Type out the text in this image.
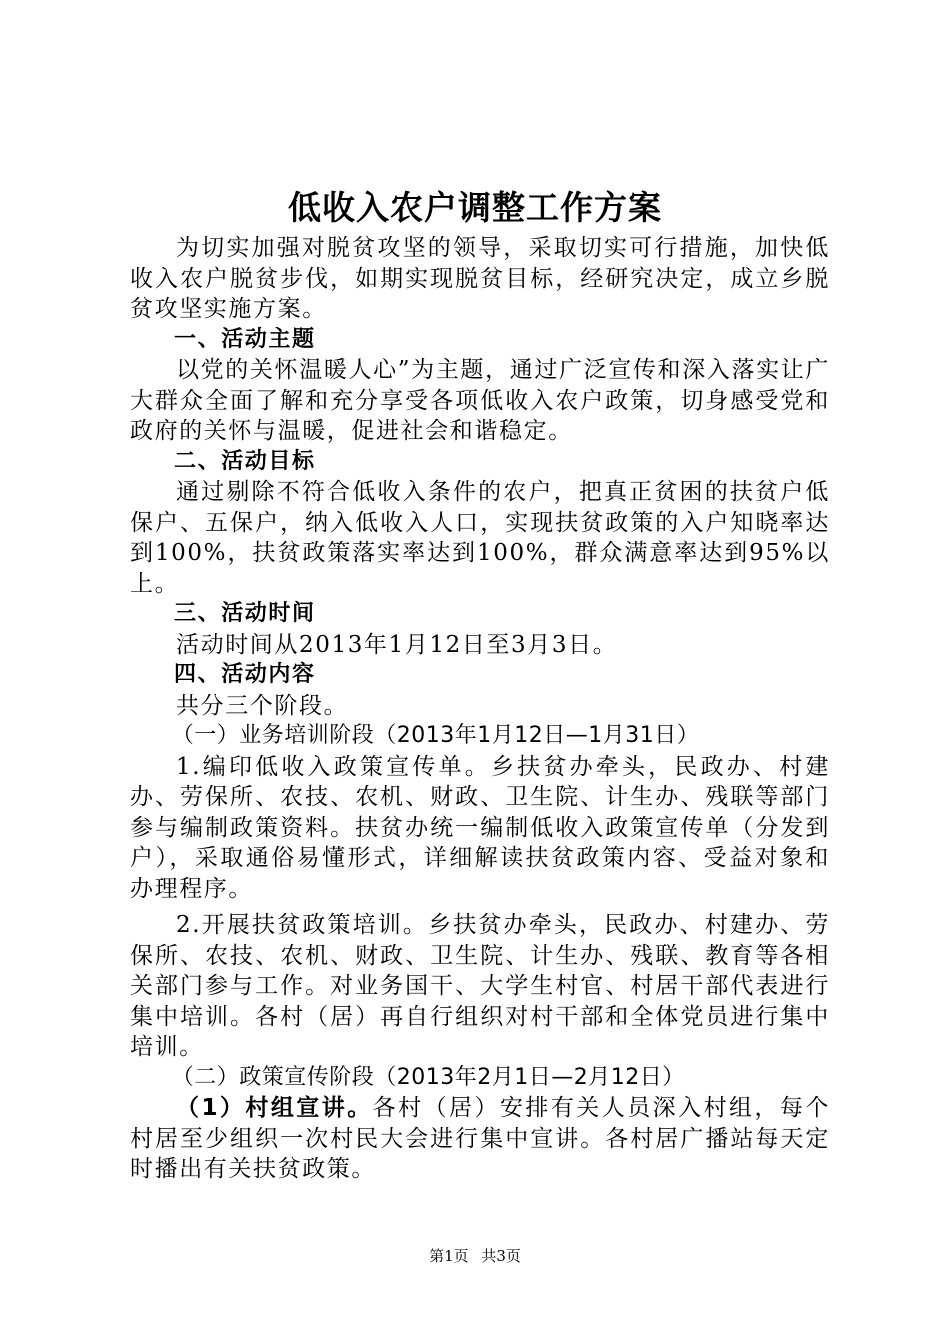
低收入农户调整工作方案

为切实加强对脱贫攻坚的领导，采取切实可行措施，加快低收入农户脱贫步伐，如期实现脱贫目标，经研究决定，成立乡脱贫攻坚实施方案。

一、活动主题

以党的关怀温暖人心”为主题，通过广泛宣传和深入落实让广大群众全面了解和充分享受各项低收入农户政策，切身感受党和政府的关怀与温暖，促进社会和谐稳定。

二、活动目标

通过剔除不符合低收入条件的农户，把真正贫困的扶贫户低保户、五保户，纳入低收入人口，实现扶贫政策的入户知晓率达到100%，扶贫政策落实率达到100%，群众满意率达到95%以上。

三、活动时间

活动时间从2013年1月12日至3月3日。

四、活动内容

共分三个阶段。

（一）业务培训阶段（2013年1月12日—1月31日）

1.编印低收入政策宣传单。乡扶贫办牵头，民政办、村建办、劳保所、农技、农机、财政、卫生院、计生办、残联等部门参与编制政策资料。扶贫办统一编制低收入政策宣传单（分发到户），采取通俗易懂形式，详细解读扶贫政策内容、受益对象和办理程序。

2.开展扶贫政策培训。乡扶贫办牵头，民政办、村建办、劳保所、农技、农机、财政、卫生院、计生办、残联、教育等各相关部门参与工作。对业务国干、大学生村官、村居干部代表进行集中培训。各村（居）再自行组织对村干部和全体党员进行集中培训。

（二）政策宣传阶段（2013年2月1日—2月12日）

（1）村组宣讲。各村（居）安排有关人员深入村组，每个村居至少组织一次村民大会进行集中宣讲。各村居广播站每天定时播出有关扶贫政策。

第1页 共3页
